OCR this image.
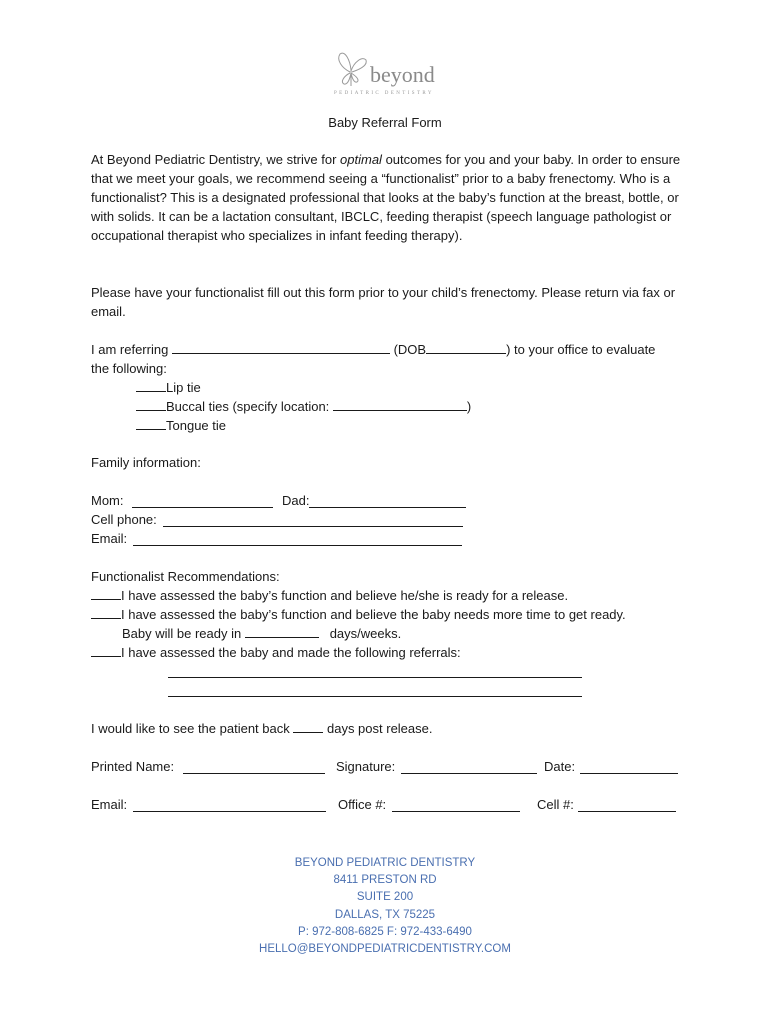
beyond
PEDIATRIC DENTISTRY
Baby Referral Form
At Beyond Pediatric Dentistry, we strive for optimal outcomes for you and your baby. In order to ensure that we meet your goals, we recommend seeing a “functionalist” prior to a baby frenectomy. Who is a functionalist? This is a designated professional that looks at the baby’s function at the breast, bottle, or with solids. It can be a lactation consultant, IBCLC, feeding therapist (speech language pathologist or occupational therapist who specializes in infant feeding therapy).
Please have your functionalist fill out this form prior to your child’s frenectomy. Please return via fax or email.
I am referring	(DOB	) to your office to evaluate
the following:
Lip tie
Buccal ties (specify location:	)
Tongue tie
Family information:
Mom:	Dad:
Cell phone:
Email:
Functionalist Recommendations:
I have assessed the baby’s function and believe he/she is ready for a release.
I have assessed the baby’s function and believe the baby needs more time to get ready.
Baby will be ready in	days/weeks.
I have assessed the baby and made the following referrals:
I would like to see the patient back	days post release.
Printed Name:	Signature:	Date:
Email:	Office #:	Cell #:
BEYOND PEDIATRIC DENTISTRY
8411 PRESTON RD
SUITE 200
DALLAS, TX 75225
P: 972-808-6825 F: 972-433-6490
HELLO@BEYONDPEDIATRICDENTISTRY.COM
